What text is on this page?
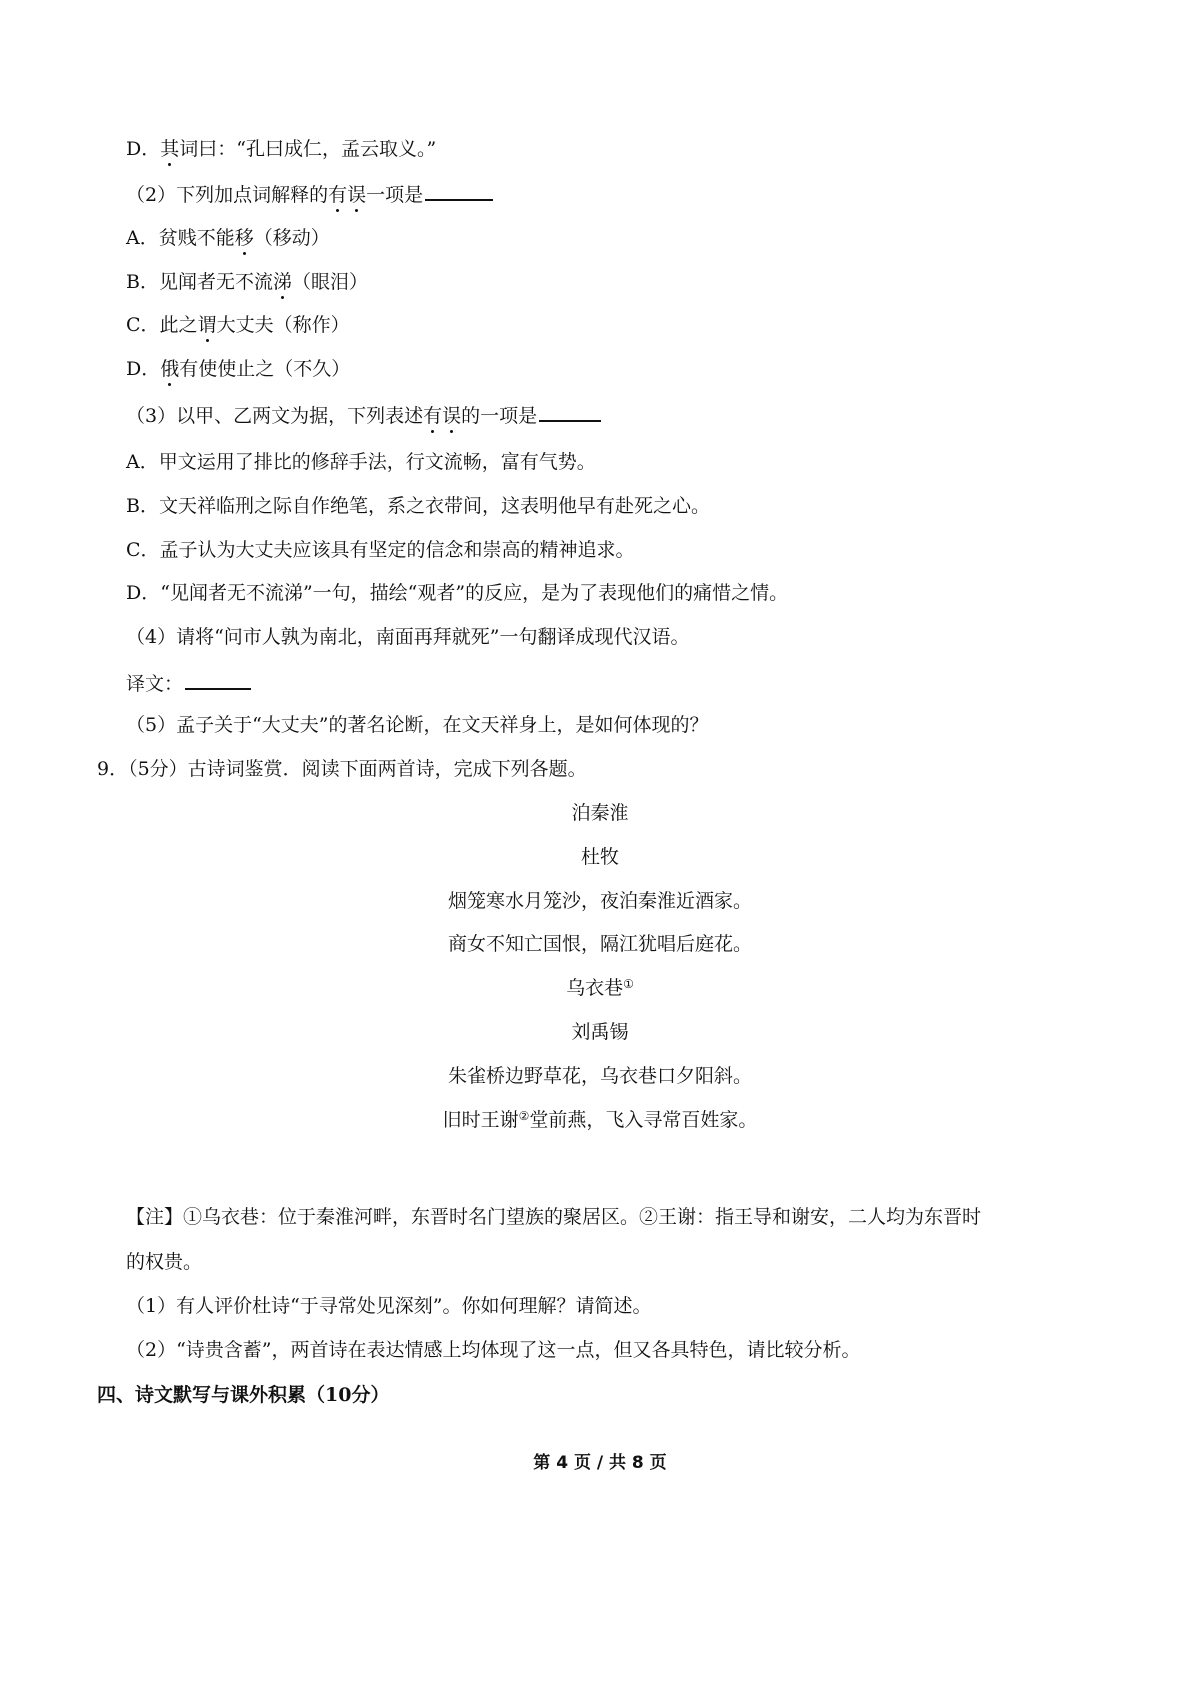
D．其词曰：“孔曰成仁，孟云取义。”
（2）下列加点词解释的有误一项是
A．贫贱不能移（移动）
B．见闻者无不流涕（眼泪）
C．此之谓大丈夫（称作）
D．俄有使使止之（不久）
（3）以甲、乙两文为据，下列表述有误的一项是
A．甲文运用了排比的修辞手法，行文流畅，富有气势。
B．文天祥临刑之际自作绝笔，系之衣带间，这表明他早有赴死之心。
C．孟子认为大丈夫应该具有坚定的信念和崇高的精神追求。
D．“见闻者无不流涕”一句，描绘“观者”的反应，是为了表现他们的痛惜之情。
（4）请将“问市人孰为南北，南面再拜就死”一句翻译成现代汉语。
译文：
（5）孟子关于“大丈夫”的著名论断，在文天祥身上，是如何体现的？
9．（5分）古诗词鉴赏．阅读下面两首诗，完成下列各题。
泊秦淮
杜牧
烟笼寒水月笼沙，夜泊秦淮近酒家。
商女不知亡国恨，隔江犹唱后庭花。
乌衣巷①
刘禹锡
朱雀桥边野草花，乌衣巷口夕阳斜。
旧时王谢②堂前燕，飞入寻常百姓家。
【注】①乌衣巷：位于秦淮河畔，东晋时名门望族的聚居区。②王谢：指王导和谢安，二人均为东晋时
的权贵。
（1）有人评价杜诗“于寻常处见深刻”。你如何理解？请简述。
（2）“诗贵含蓄”，两首诗在表达情感上均体现了这一点，但又各具特色，请比较分析。
四、诗文默写与课外积累（10分）
第 4 页 / 共 8 页
